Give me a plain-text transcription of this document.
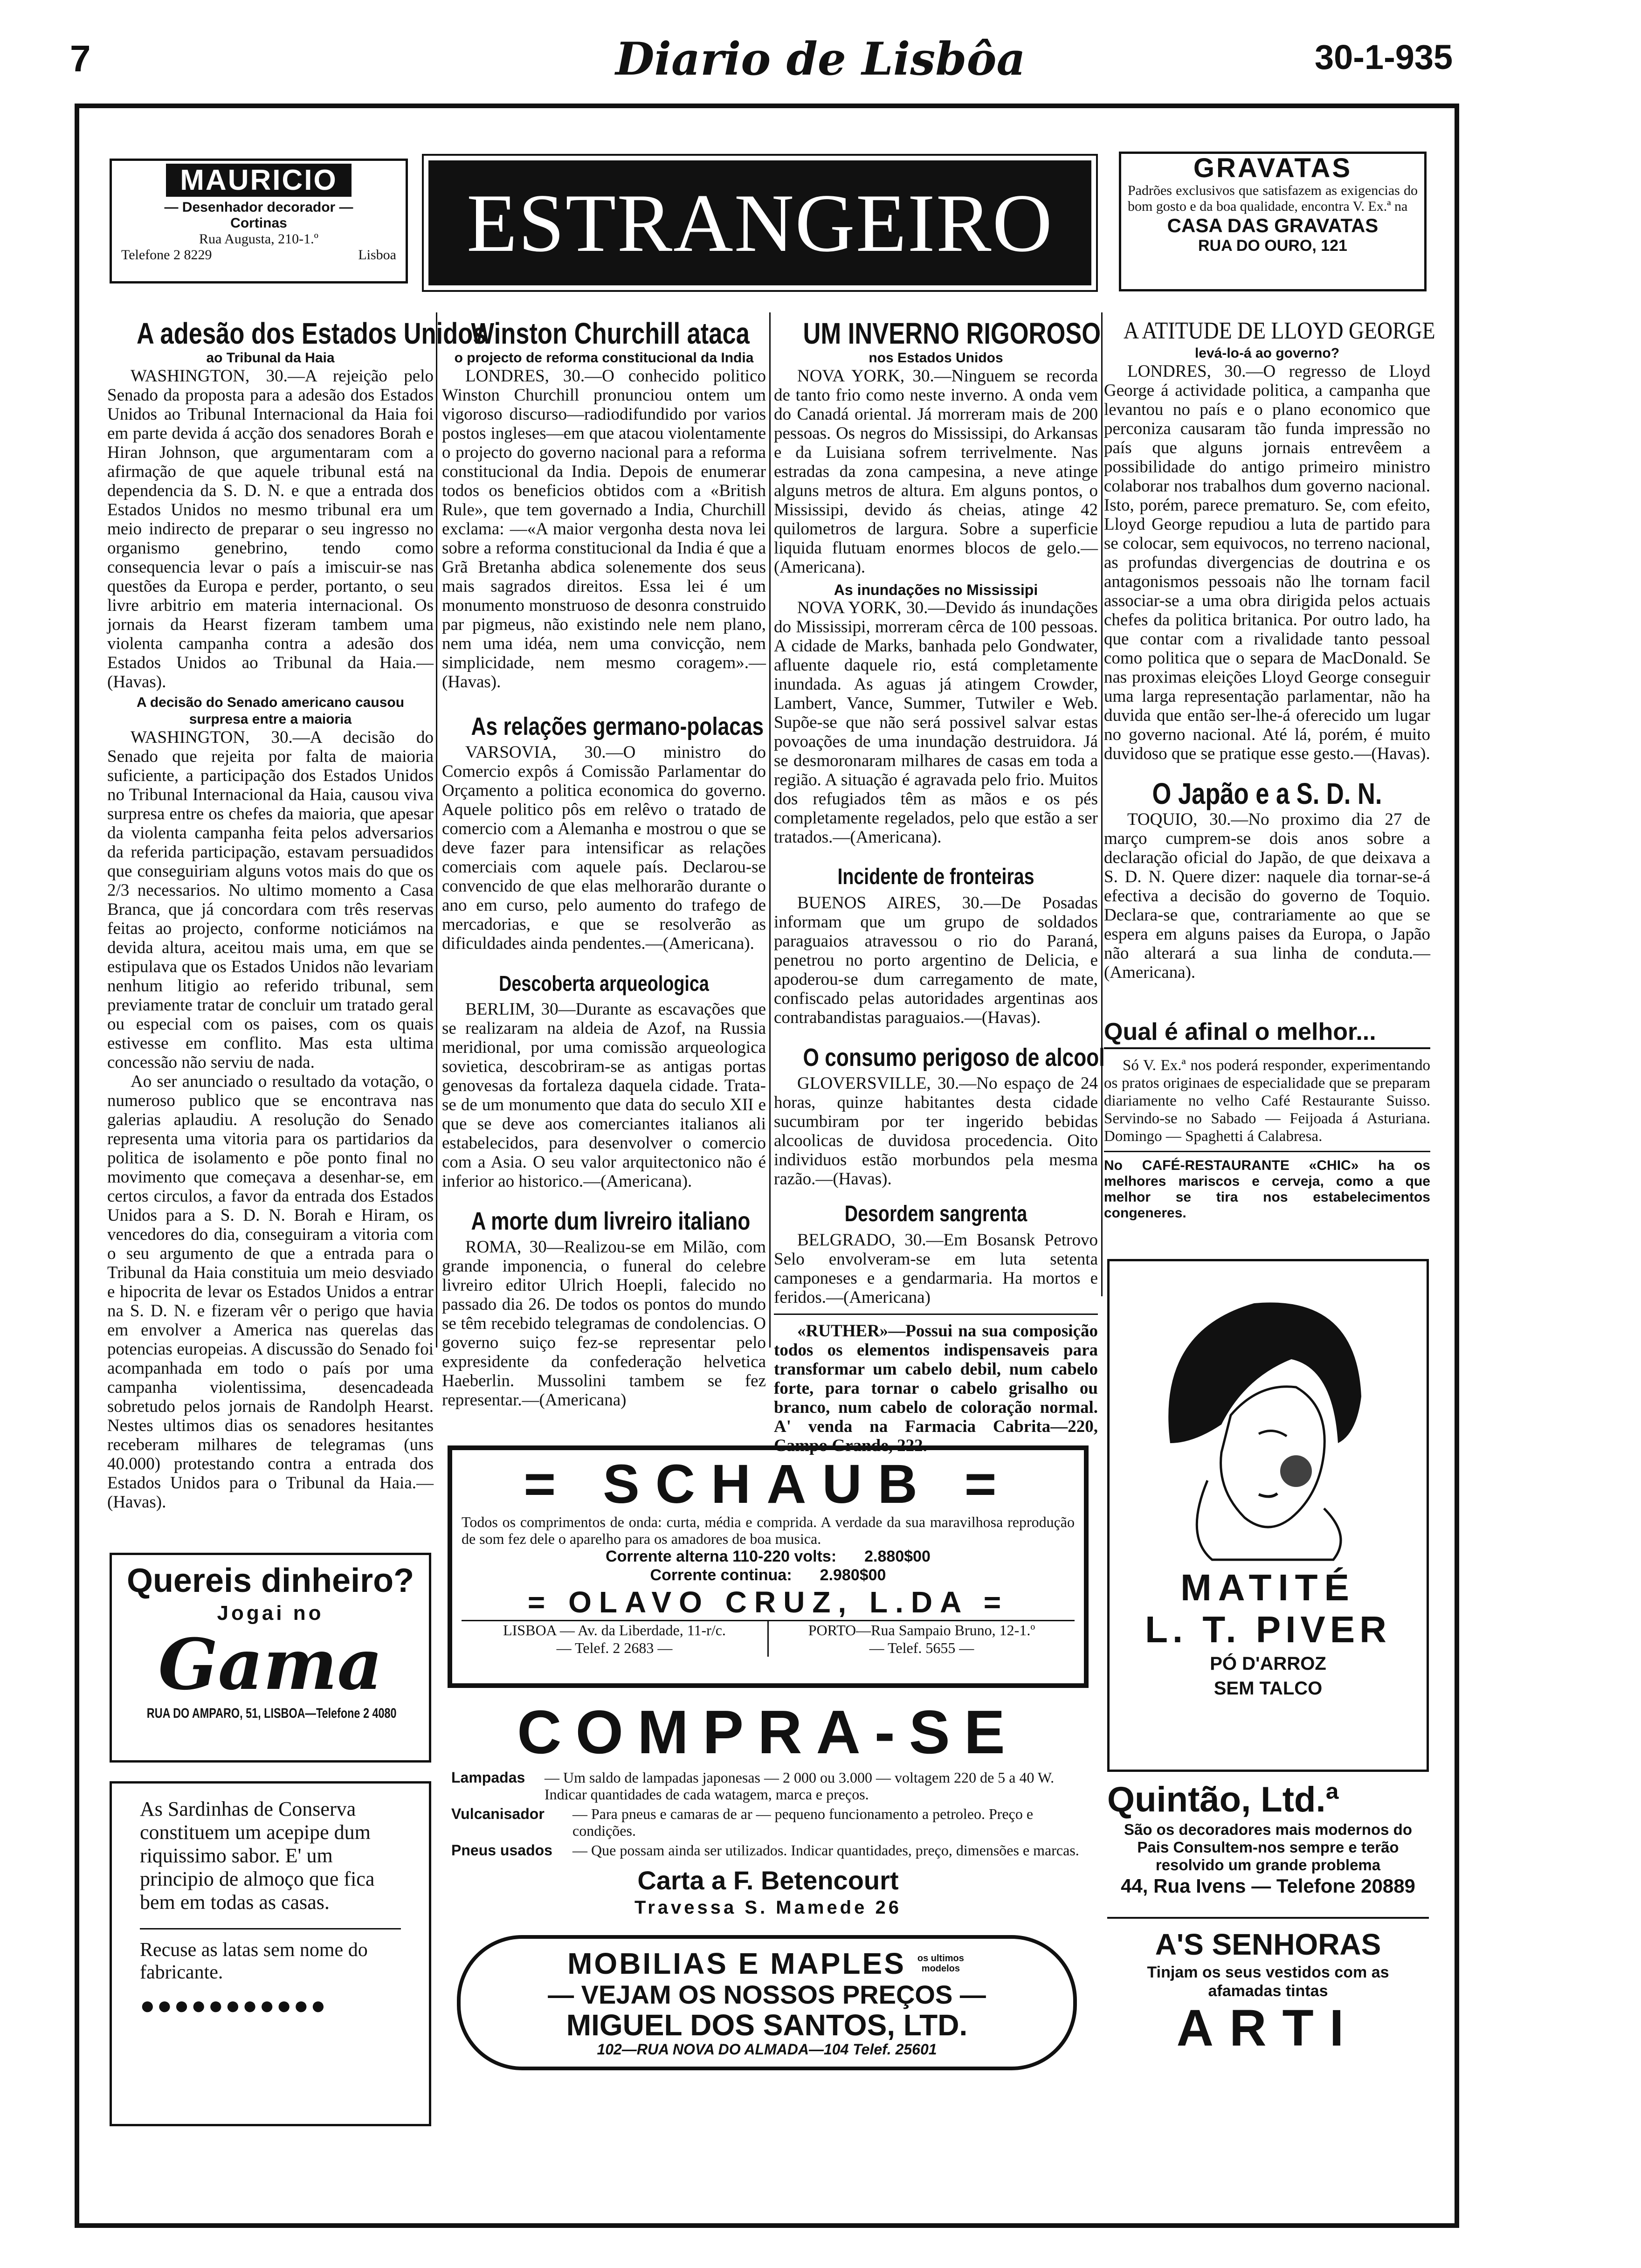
7	Diario de Lisbôa	30-1-935
MAURICIO
— Desenhador decorador —
Cortinas
Rua Augusta, 210-1.º
Telefone 2 8229	Lisboa ESTRANGEIRO
GRAVATAS
Padrões exclusivos que satisfazem as exigencias do bom gosto e da boa qualidade, encontra V. Ex.ª na
CASA DAS GRAVATAS
RUA DO OURO, 121
A adesão dos Estados Unidos
ao Tribunal da Haia

WASHINGTON, 30.—A rejeição pelo Senado da proposta para a adesão dos Estados Unidos ao Tribunal Internacional da Haia foi em parte devida á acção dos senadores Borah e Hiran Johnson, que argumentaram com a afirmação de que aquele tribunal está na dependencia da S. D. N. e que a entrada dos Estados Unidos no mesmo tribunal era um meio indirecto de preparar o seu ingresso no organismo genebrino, tendo como consequencia levar o país a imiscuir-se nas questões da Europa e perder, portanto, o seu livre arbitrio em materia internacional. Os jornais da Hearst fizeram tambem uma violenta campanha contra a adesão dos Estados Unidos ao Tribunal da Haia.—(Havas).

A decisão do Senado americano causou surpresa entre a maioria

WASHINGTON, 30.—A decisão do Senado que rejeita por falta de maioria suficiente, a participação dos Estados Unidos no Tribunal Internacional da Haia, causou viva surpresa entre os chefes da maioria, que apesar da violenta campanha feita pelos adversarios da referida participação, estavam persuadidos que conseguiriam alguns votos mais do que os 2/3 necessarios. No ultimo momento a Casa Branca, que já concordara com três reservas feitas ao projecto, conforme noticiámos na devida altura, aceitou mais uma, em que se estipulava que os Estados Unidos não levariam nenhum litigio ao referido tribunal, sem previamente tratar de concluir um tratado geral ou especial com os paises, com os quais estivesse em conflito. Mas esta ultima concessão não serviu de nada.

Ao ser anunciado o resultado da votação, o numeroso publico que se encontrava nas galerias aplaudiu. A resolução do Senado representa uma vitoria para os partidarios da politica de isolamento e põe ponto final no movimento que começava a desenhar-se, em certos circulos, a favor da entrada dos Estados Unidos para a S. D. N. Borah e Hiram, os vencedores do dia, conseguiram a vitoria com o seu argumento de que a entrada para o Tribunal da Haia constituia um meio desviado e hipocrita de levar os Estados Unidos a entrar na S. D. N. e fizeram vêr o perigo que havia em envolver a America nas querelas das potencias europeias. A discussão do Senado foi acompanhada em todo o país por uma campanha violentissima, desencadeada sobretudo pelos jornais de Randolph Hearst. Nestes ultimos dias os senadores hesitantes receberam milhares de telegramas (uns 40.000) protestando contra a entrada dos Estados Unidos para o Tribunal da Haia.—(Havas).

Quereis dinheiro?
Jogai no
Gama
RUA DO AMPARO, 51, LISBOA—Telefone 2 4080
As Sardinhas de Conserva constituem um acepipe dum riquissimo sabor. E' um principio de almoço que fica bem em todas as casas.
Recuse as latas sem nome do fabricante.
●●●●●●●●●●●
Winston Churchill ataca
o projecto de reforma constitucional da India

LONDRES, 30.—O conhecido politico Winston Churchill pronunciou ontem um vigoroso discurso—radiodifundido por varios postos ingleses—em que atacou violentamente o projecto do governo nacional para a reforma constitucional da India. Depois de enumerar todos os beneficios obtidos com a «British Rule», que tem governado a India, Churchill exclama: —«A maior vergonha desta nova lei sobre a reforma constitucional da India é que a Grã Bretanha abdica solenemente dos seus mais sagrados direitos. Essa lei é um monumento monstruoso de desonra construido par pigmeus, não existindo nele nem plano, nem uma idéa, nem uma convicção, nem simplicidade, nem mesmo coragem».—(Havas).

As relações germano-polacas

VARSOVIA, 30.—O ministro do Comercio expôs á Comissão Parlamentar do Orçamento a politica economica do governo. Aquele politico pôs em relêvo o tratado de comercio com a Alemanha e mostrou o que se deve fazer para intensificar as relações comerciais com aquele país. Declarou-se convencido de que elas melhorarão durante o ano em curso, pelo aumento do trafego de mercadorias, e que se resolverão as dificuldades ainda pendentes.—(Americana).

Descoberta arqueologica

BERLIM, 30—Durante as escavações que se realizaram na aldeia de Azof, na Russia meridional, por uma comissão arqueologica sovietica, descobriram-se as antigas portas genovesas da fortaleza daquela cidade. Trata-se de um monumento que data do seculo XII e que se deve aos comerciantes italianos ali estabelecidos, para desenvolver o comercio com a Asia. O seu valor arquitectonico não é inferior ao historico.—(Americana).

A morte dum livreiro italiano

ROMA, 30—Realizou-se em Milão, com grande imponencia, o funeral do celebre livreiro editor Ulrich Hoepli, falecido no passado dia 26. De todos os pontos do mundo se têm recebido telegramas de condolencias. O governo suiço fez-se representar pelo expresidente da confederação helvetica Haeberlin. Mussolini tambem se fez representar.—(Americana)

UM INVERNO RIGOROSO
nos Estados Unidos

NOVA YORK, 30.—Ninguem se recorda de tanto frio como neste inverno. A onda vem do Canadá oriental. Já morreram mais de 200 pessoas. Os negros do Mississipi, do Arkansas e da Luisiana sofrem terrivelmente. Nas estradas da zona campesina, a neve atinge alguns metros de altura. Em alguns pontos, o Mississipi, devido ás cheias, atinge 42 quilometros de largura. Sobre a superficie liquida flutuam enormes blocos de gelo.—(Americana).

As inundações no Mississipi

NOVA YORK, 30.—Devido ás inundações do Mississipi, morreram cêrca de 100 pessoas. A cidade de Marks, banhada pelo Gondwater, afluente daquele rio, está completamente inundada. As aguas já atingem Crowder, Lambert, Vance, Summer, Tutwiler e Web. Supõe-se que não será possivel salvar estas povoações de uma inundação destruidora. Já se desmoronaram milhares de casas em toda a região. A situação é agravada pelo frio. Muitos dos refugiados têm as mãos e os pés completamente regelados, pelo que estão a ser tratados.—(Americana).

Incidente de fronteiras

BUENOS AIRES, 30.—De Posadas informam que um grupo de soldados paraguaios atravessou o rio do Paraná, penetrou no porto argentino de Delicia, e apoderou-se dum carregamento de mate, confiscado pelas autoridades argentinas aos contrabandistas paraguaios.—(Havas).

O consumo perigoso de alcool

GLOVERSVILLE, 30.—No espaço de 24 horas, quinze habitantes desta cidade sucumbiram por ter ingerido bebidas alcoolicas de duvidosa procedencia. Oito individuos estão morbundos pela mesma razão.—(Havas).

Desordem sangrenta

BELGRADO, 30.—Em Bosansk Petrovo Selo envolveram-se em luta setenta camponeses e a gendarmaria. Ha mortos e feridos.—(Americana)

«RUTHER»—Possui na sua composição todos os elementos indispensaveis para transformar um cabelo debil, num cabelo forte, para tornar o cabelo grisalho ou branco, num cabelo de coloração normal. A' venda na Farmacia Cabrita—220, Campo Grande, 222.

A ATITUDE DE LLOYD GEORGE
levá-lo-á ao governo?

LONDRES, 30.—O regresso de Lloyd George á actividade politica, a campanha que levantou no país e o plano economico que perconiza causaram tão funda impressão no país que alguns jornais entrevêem a possibilidade do antigo primeiro ministro colaborar nos trabalhos dum governo nacional. Isto, porém, parece prematuro. Se, com efeito, Lloyd George repudiou a luta de partido para se colocar, sem equivocos, no terreno nacional, as profundas divergencias de doutrina e os antagonismos pessoais não lhe tornam facil associar-se a uma obra dirigida pelos actuais chefes da politica britanica. Por outro lado, ha que contar com a rivalidade tanto pessoal como politica que o separa de MacDonald. Se nas proximas eleições Lloyd George conseguir uma larga representação parlamentar, não ha duvida que então ser-lhe-á oferecido um lugar no governo nacional. Até lá, porém, é muito duvidoso que se pratique esse gesto.—(Havas).

O Japão e a S. D. N.

TOQUIO, 30.—No proximo dia 27 de março cumprem-se dois anos sobre a declaração oficial do Japão, de que deixava a S. D. N. Quere dizer: naquele dia tornar-se-á efectiva a decisão do governo de Toquio. Declara-se que, contrariamente ao que se espera em alguns paises da Europa, o Japão não alterará a sua linha de conduta.—(Americana).

Qual é afinal o melhor...
Só V. Ex.ª nos poderá responder, experimentando os pratos originaes de especialidade que se preparam diariamente no velho Café Restaurante Suisso. Servindo-se no Sabado — Feijoada á Asturiana. Domingo — Spaghetti á Calabresa.
No CAFÉ-RESTAURANTE «CHIC» ha os melhores mariscos e cerveja, como a que melhor se tira nos estabelecimentos congeneres.
MATITÉ
L. T. PIVER
PÓ D'ARROZ
SEM TALCO
Quintão, Ltd.ª
São os decoradores mais modernos do Pais Consultem-nos sempre e terão resolvido um grande problema
44, Rua Ivens — Telefone 20889
A'S SENHORAS
Tinjam os seus vestidos com as afamadas tintas
ARTI
= SCHAUB =
Todos os comprimentos de onda: curta, média e comprida. A verdade da sua maravilhosa reprodução de som fez dele o aparelho para os amadores de boa musica.
Corrente alterna 110-220 volts: 2.880$00
Corrente continua: 2.980$00
= OLAVO CRUZ, L.DA =
LISBOA — Av. da Liberdade, 11-r/c.
— Telef. 2 2683 —
PORTO—Rua Sampaio Bruno, 12-1.º
— Telef. 5655 —
COMPRA-SE
Lampadas	— Um saldo de lampadas japonesas — 2 000 ou 3.000 — voltagem 220 de 5 a 40 W. Indicar quantidades de cada watagem, marca e preços.
Vulcanisador	— Para pneus e camaras de ar — pequeno funcionamento a petroleo. Preço e condições.
Pneus usados	— Que possam ainda ser utilizados. Indicar quantidades, preço, dimensões e marcas.
Carta a F. Betencourt
Travessa S. Mamede 26
MOBILIAS E MAPLES os ultimos modelos
— VEJAM OS NOSSOS PREÇOS —
MIGUEL DOS SANTOS, LTD.
102—RUA NOVA DO ALMADA—104 Telef. 25601
